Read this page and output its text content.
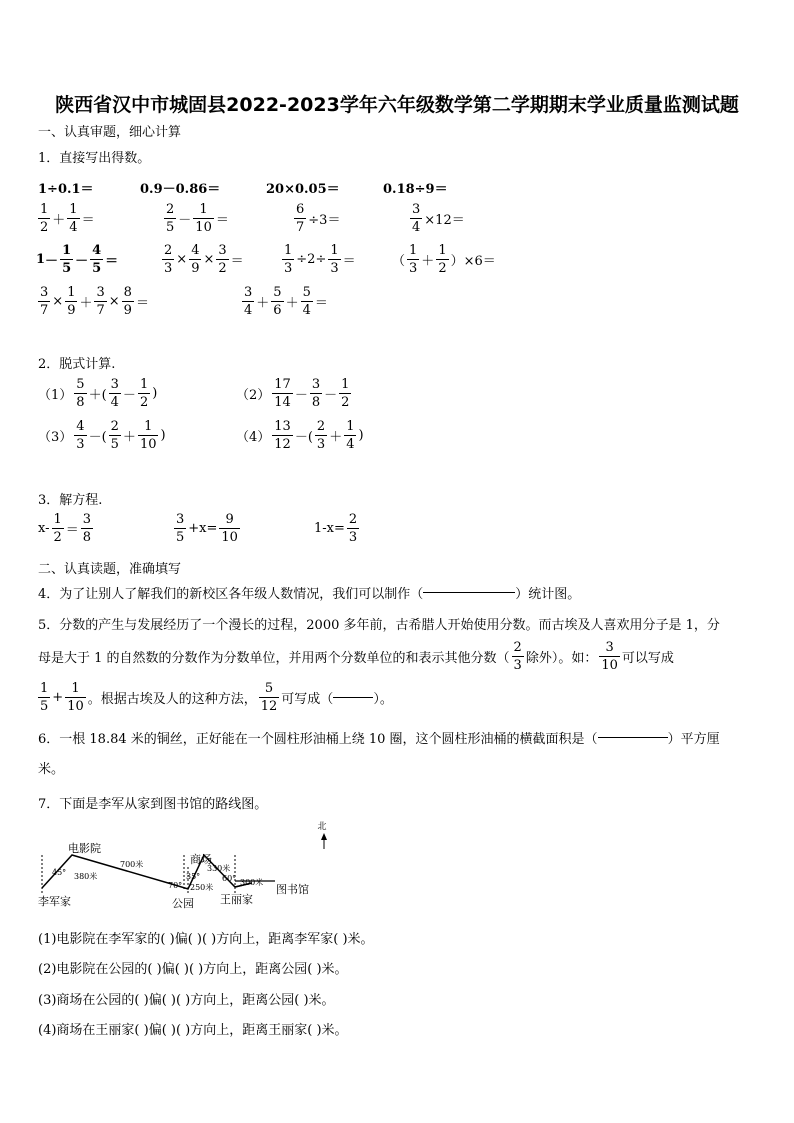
陕西省汉中市城固县2022-2023学年六年级数学第二学期期末学业质量监测试题
一、认真审题，细心计算
1．直接写出得数。
1÷0.1＝	0.9－0.86＝	20×0.05＝	0.18÷9＝
$\frac{1}{2} + \frac{1}{4}$ ＝	$\frac{2}{5} - \frac{1}{10}$ ＝	$\frac{6}{7} \div 3=$	$\frac{3}{4} \times 12=$
$1 - \frac{1}{5} - \frac{4}{5}$ ＝	$\frac{2}{3} \times \frac{4}{9} \times \frac{3}{2}$ ＝	$\frac{1}{3} \div 2\div \frac{1}{3}$ ＝	（ $\frac{1}{3} + \frac{1}{2} )\times 6=$
$\frac{3}{7} \times \frac{1}{9} + \frac{3}{7} \times \frac{8}{9}$ ＝	$\frac{3}{4} + \frac{5}{6} + \frac{5}{4}$ ＝
2．脱式计算.
$(1) \frac{5}{8}$ ＋( $\frac{3}{4} - \frac{1}{2}$ )	$(2) \frac{17}{14} - \frac{3}{8} - \frac{1}{2}$
$(3) \frac{4}{3}$ －( $\frac{2}{5} + \frac{1}{10}$ )	$(4) \frac{13}{12}$ －( $\frac{2}{3} + \frac{1}{4}$ )
3．解方程.
$x- \frac{1}{2} = \frac{3}{8}$	$\frac{3}{5} +x= \frac{9}{10}$	$1-x= \frac{2}{3}$
二、认真读题，准确填写
4．为了让别人了解我们的新校区各年级人数情况，我们可以制作（	）统计图。
5．分数的产生与发展经历了一个漫长的过程，2000 多年前，古希腊人开始使用分数。而古埃及人喜欢用分子是 1，分
母是大于 1 的自然数的分数作为分数单位，并用两个分数单位的和表示其他分数（ $\frac{2}{3}$ 除外）。如： $\frac{3}{10}$ 可以写成
$\frac{1}{5} + \frac{1}{10}$ 。根据古埃及人的这种方法， $\frac{5}{12}$ 可写成（	）。
6．一根 18.84 米的铜丝，正好能在一个圆柱形油桶上绕 10 圈，这个圆柱形油桶的横截面积是（	）平方厘
米。
7．下面是李军从家到图书馆的路线图。
北
李军家
电影院
公园
商场
王丽家
图书馆
45°
70°
35°	60°
380米
700米
250米
330米
300米
(1)电影院在李军家的( )偏( )( )方向上，距离李军家( )米。
(2)电影院在公园的( )偏( )( )方向上，距离公园( )米。
(3)商场在公园的( )偏( )( )方向上，距离公园( )米。
(4)商场在王丽家( )偏( )( )方向上，距离王丽家( )米。
